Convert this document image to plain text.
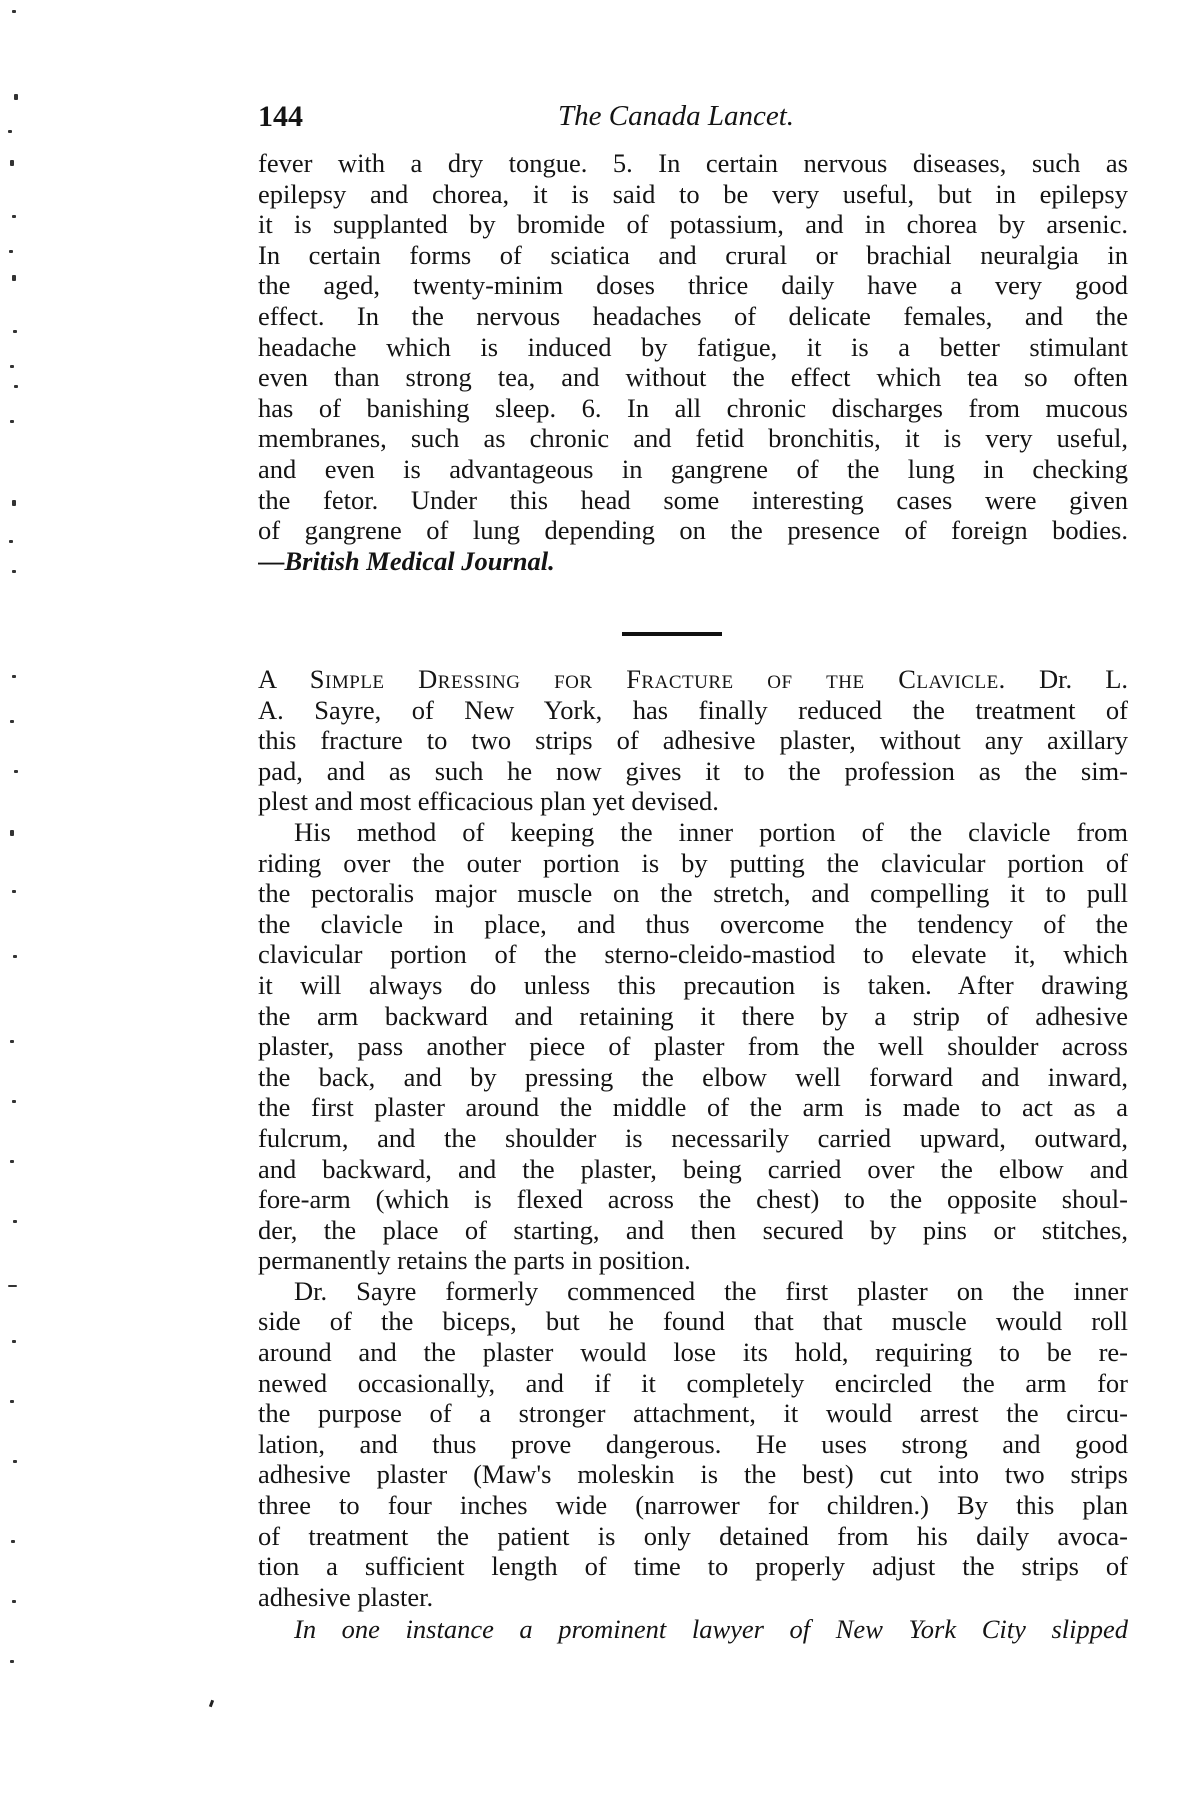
144	The Canada Lancet.
fever with a dry tongue. 5. In certain nervous diseases, such as
epilepsy and chorea, it is said to be very useful, but in epilepsy
it is supplanted by bromide of potassium, and in chorea by arsenic.
In certain forms of sciatica and crural or brachial neuralgia in
the aged, twenty-minim doses thrice daily have a very good
effect. In the nervous headaches of delicate females, and the
headache which is induced by fatigue, it is a better stimulant
even than strong tea, and without the effect which tea so often
has of banishing sleep. 6. In all chronic discharges from mucous
membranes, such as chronic and fetid bronchitis, it is very useful,
and even is advantageous in gangrene of the lung in checking
the fetor. Under this head some interesting cases were given
of gangrene of lung depending on the presence of foreign bodies.
—British Medical Journal.
A Simple Dressing for Fracture of the Clavicle. Dr. L.
A. Sayre, of New York, has finally reduced the treatment of
this fracture to two strips of adhesive plaster, without any axillary
pad, and as such he now gives it to the profession as the sim-
plest and most efficacious plan yet devised.
His method of keeping the inner portion of the clavicle from
riding over the outer portion is by putting the clavicular portion of
the pectoralis major muscle on the stretch, and compelling it to pull
the clavicle in place, and thus overcome the tendency of the
clavicular portion of the sterno-cleido-mastiod to elevate it, which
it will always do unless this precaution is taken. After drawing
the arm backward and retaining it there by a strip of adhesive
plaster, pass another piece of plaster from the well shoulder across
the back, and by pressing the elbow well forward and inward,
the first plaster around the middle of the arm is made to act as a
fulcrum, and the shoulder is necessarily carried upward, outward,
and backward, and the plaster, being carried over the elbow and
fore-arm (which is flexed across the chest) to the opposite shoul-
der, the place of starting, and then secured by pins or stitches,
permanently retains the parts in position.
Dr. Sayre formerly commenced the first plaster on the inner
side of the biceps, but he found that that muscle would roll
around and the plaster would lose its hold, requiring to be re-
newed occasionally, and if it completely encircled the arm for
the purpose of a stronger attachment, it would arrest the circu-
lation, and thus prove dangerous. He uses strong and good
adhesive plaster (Maw's moleskin is the best) cut into two strips
three to four inches wide (narrower for children.) By this plan
of treatment the patient is only detained from his daily avoca-
tion a sufficient length of time to properly adjust the strips of
adhesive plaster.
In one instance a prominent lawyer of New York City slipped
